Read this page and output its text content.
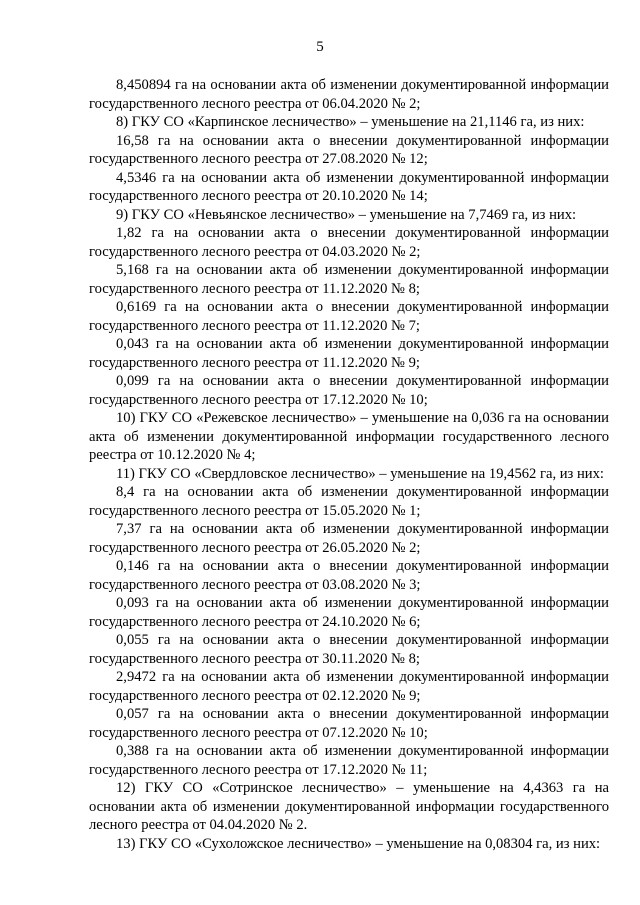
5

8,450894 га на основании акта об изменении документированной информации государственного лесного реестра от 06.04.2020 № 2;

8) ГКУ СО «Карпинское лесничество» – уменьшение на 21,1146 га, из них:

16,58 га на основании акта о внесении документированной информации государственного лесного реестра от 27.08.2020 № 12;

4,5346 га на основании акта об изменении документированной информации государственного лесного реестра от 20.10.2020 № 14;

9) ГКУ СО «Невьянское лесничество» – уменьшение на 7,7469 га, из них:

1,82 га на основании акта о внесении документированной информации государственного лесного реестра от 04.03.2020 № 2;

5,168 га на основании акта об изменении документированной информации государственного лесного реестра от 11.12.2020 № 8;

0,6169 га на основании акта о внесении документированной информации государственного лесного реестра от 11.12.2020 № 7;

0,043 га на основании акта об изменении документированной информации государственного лесного реестра от 11.12.2020 № 9;

0,099 га на основании акта о внесении документированной информации государственного лесного реестра от 17.12.2020 № 10;

10) ГКУ СО «Режевское лесничество» – уменьшение на 0,036 га на основании акта об изменении документированной информации государственного лесного реестра от 10.12.2020 № 4;

11) ГКУ СО «Свердловское лесничество» – уменьшение на 19,4562 га, из них:

8,4 га на основании акта об изменении документированной информации государственного лесного реестра от 15.05.2020 № 1;

7,37 га на основании акта об изменении документированной информации государственного лесного реестра от 26.05.2020 № 2;

0,146 га на основании акта о внесении документированной информации государственного лесного реестра от 03.08.2020 № 3;

0,093 га на основании акта об изменении документированной информации государственного лесного реестра от 24.10.2020 № 6;

0,055 га на основании акта о внесении документированной информации государственного лесного реестра от 30.11.2020 № 8;

2,9472 га на основании акта об изменении документированной информации государственного лесного реестра от 02.12.2020 № 9;

0,057 га на основании акта о внесении документированной информации государственного лесного реестра от 07.12.2020 № 10;

0,388 га на основании акта об изменении документированной информации государственного лесного реестра от 17.12.2020 № 11;

12) ГКУ СО «Сотринское лесничество» – уменьшение на 4,4363 га на основании акта об изменении документированной информации государственного лесного реестра от 04.04.2020 № 2.

13) ГКУ СО «Сухоложское лесничество» – уменьшение на 0,08304 га, из них:
